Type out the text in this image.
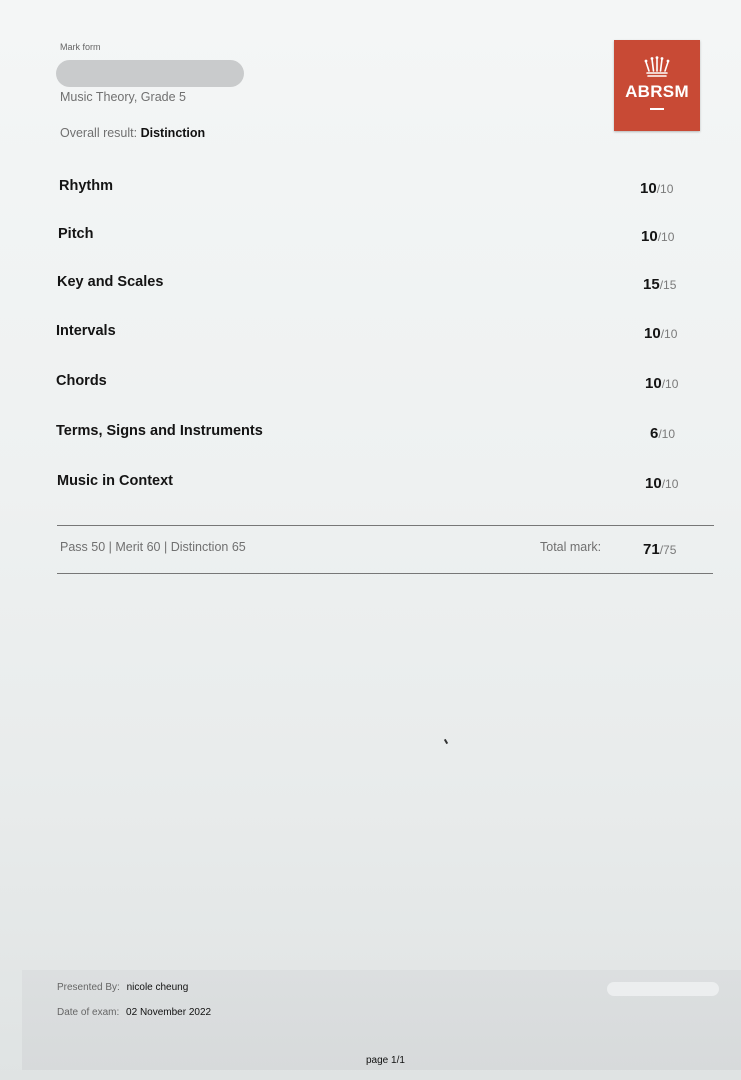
Mark form
Music Theory, Grade 5
Overall result: Distinction
ABRSM
Rhythm	10/10
Pitch	10/10
Key and Scales	15/15
Intervals	10/10
Chords	10/10
Terms, Signs and Instruments	6/10
Music in Context	10/10
Pass 50 | Merit 60 | Distinction 65	Total mark:	71/75
Presented By: nicole cheung
Date of exam: 02 November 2022
page 1/1
